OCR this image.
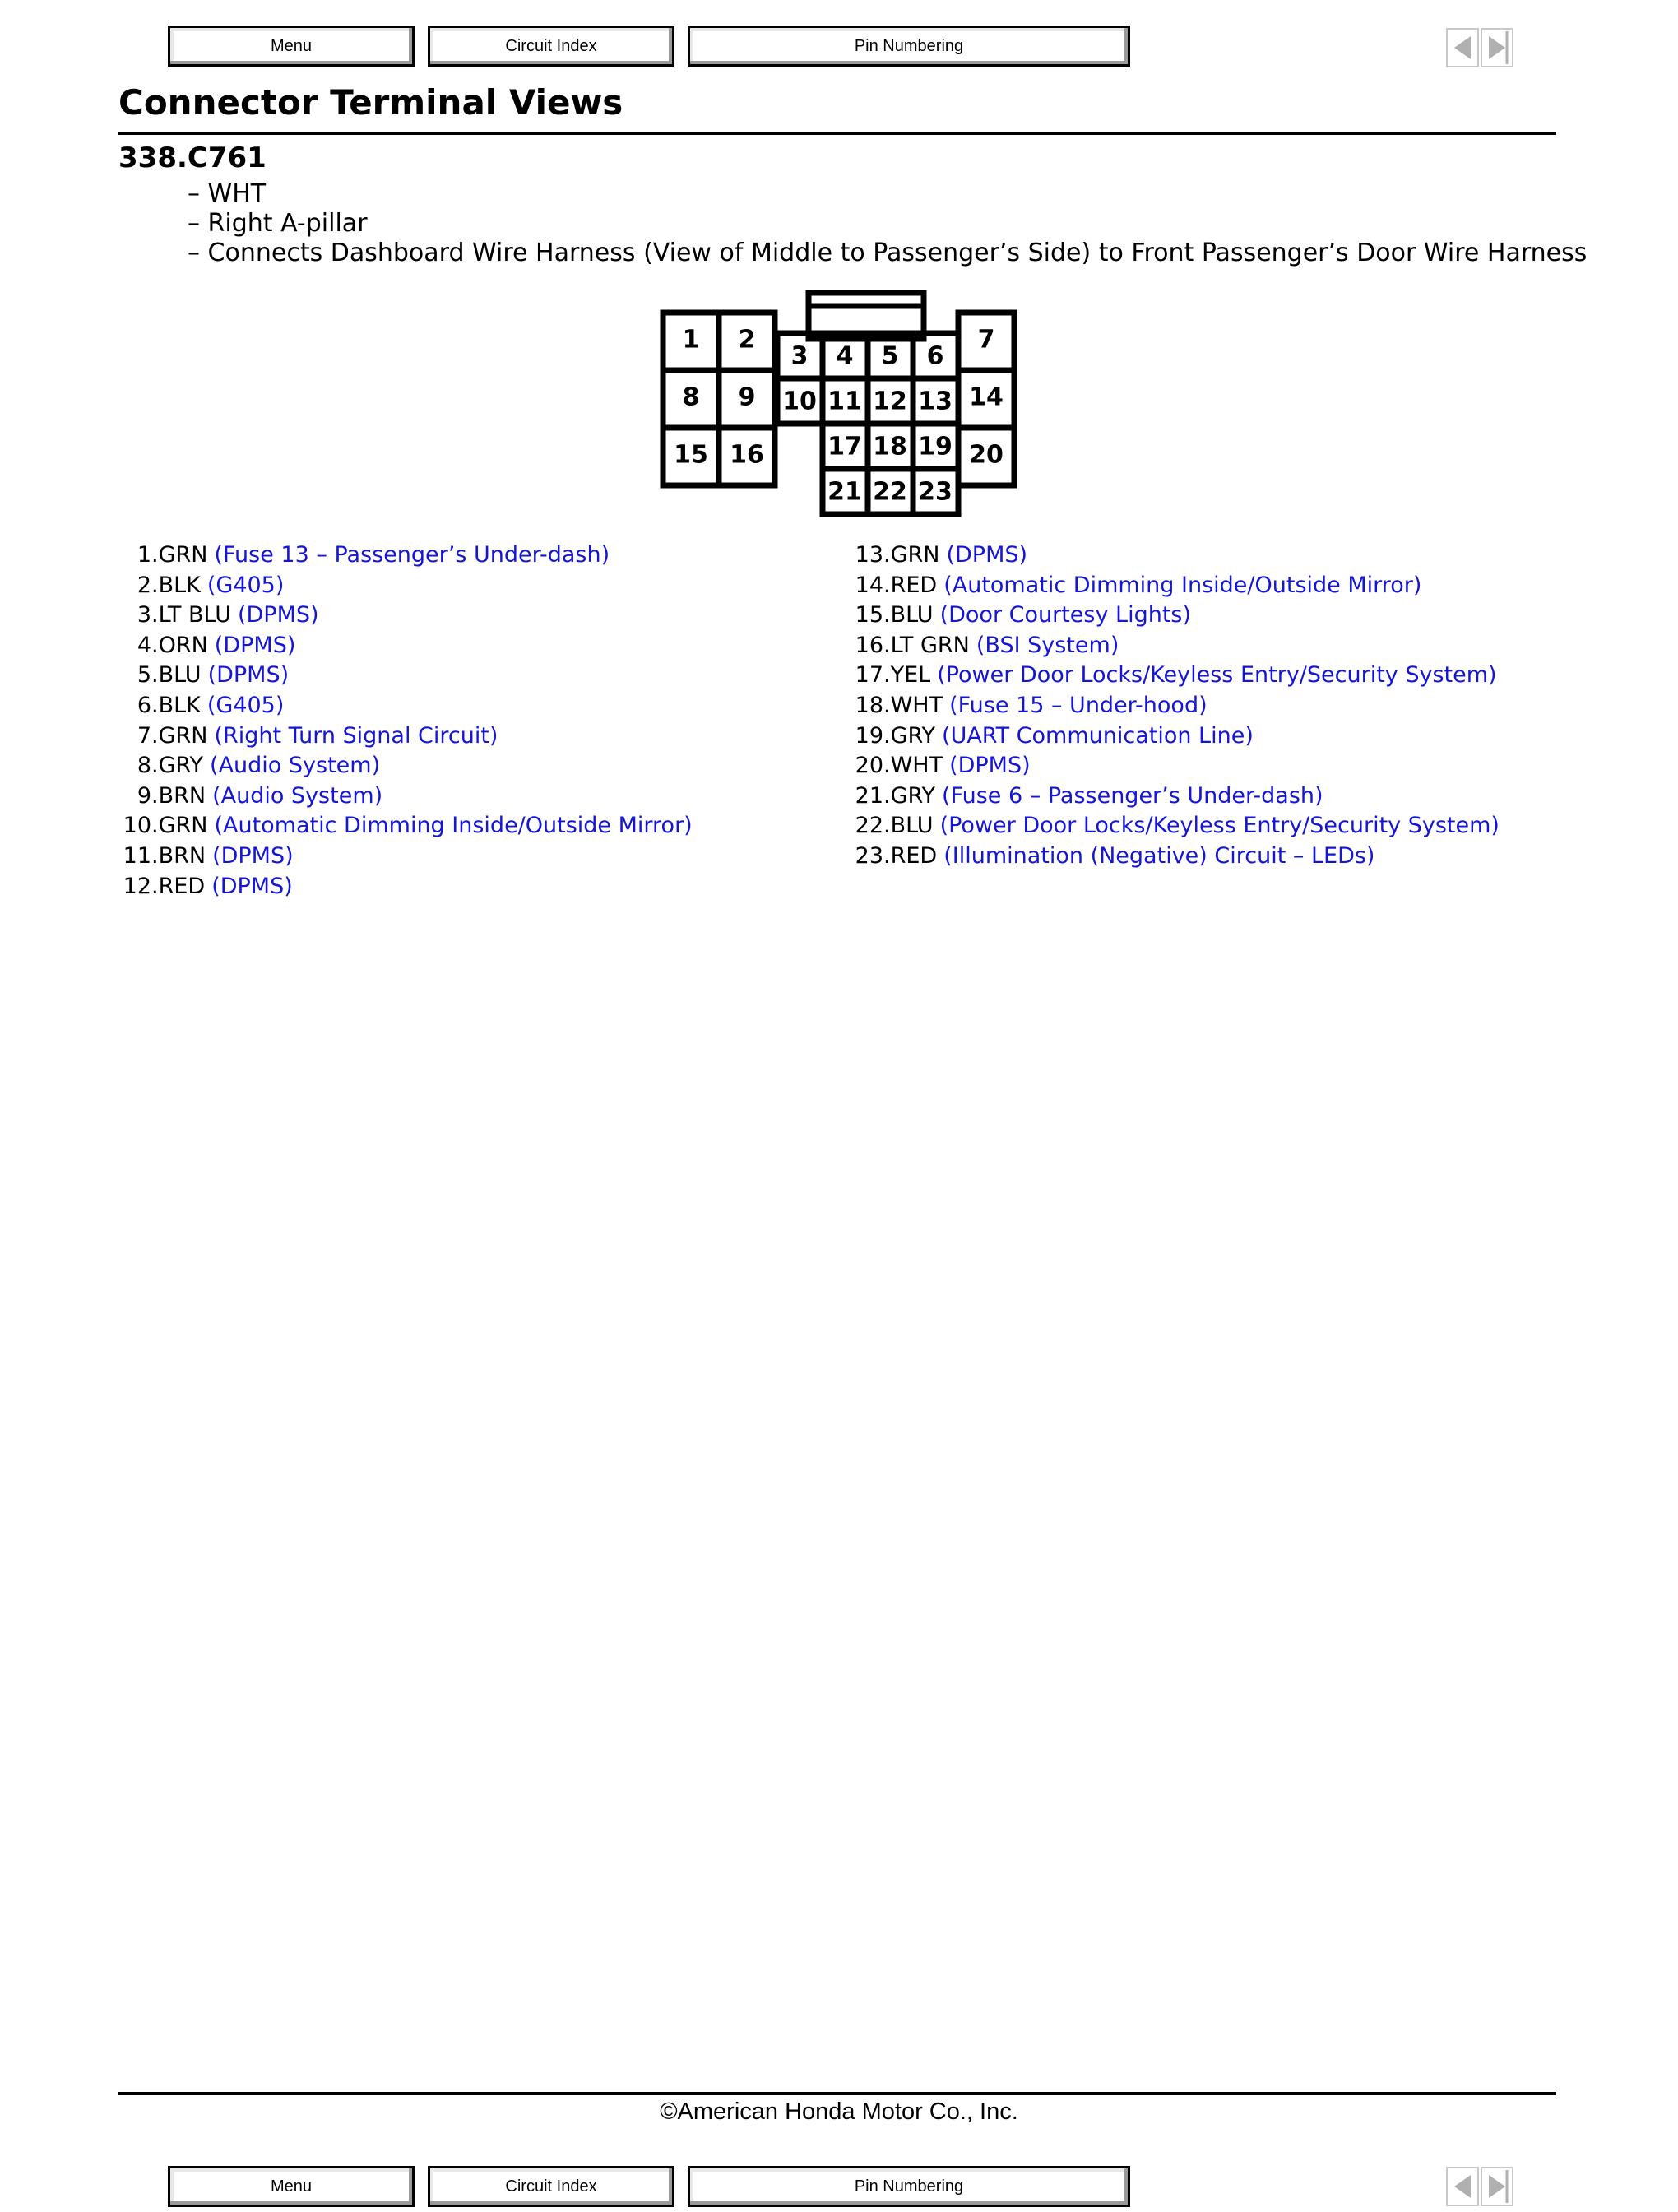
Menu	Circuit Index	Pin Numbering
Connector Terminal Views
338.C761
– WHT
– Right A-pillar
– Connects Dashboard Wire Harness (View of Middle to Passenger’s Side) to Front Passenger’s Door Wire Harness
1 2
3 4 5 6
7
8 9 10 11 12 13 14
15 16	17 18 19 20
21 22 23
1.GRN (Fuse 13 – Passenger’s Under-dash)
2.BLK (G405)
3.LT BLU (DPMS)
4.ORN (DPMS)
5.BLU (DPMS)
6.BLK (G405)
7.GRN (Right Turn Signal Circuit)
8.GRY (Audio System)
9.BRN (Audio System)
10.GRN (Automatic Dimming Inside/Outside Mirror)
11.BRN (DPMS)
12.RED (DPMS)
13.GRN (DPMS)
14.RED (Automatic Dimming Inside/Outside Mirror)
15.BLU (Door Courtesy Lights)
16.LT GRN (BSI System)
17.YEL (Power Door Locks/Keyless Entry/Security System)
18.WHT (Fuse 15 – Under-hood)
19.GRY (UART Communication Line)
20.WHT (DPMS)
21.GRY (Fuse 6 – Passenger’s Under-dash)
22.BLU (Power Door Locks/Keyless Entry/Security System)
23.RED (Illumination (Negative) Circuit – LEDs)
©American Honda Motor Co., Inc.
Menu	Circuit Index	Pin Numbering
